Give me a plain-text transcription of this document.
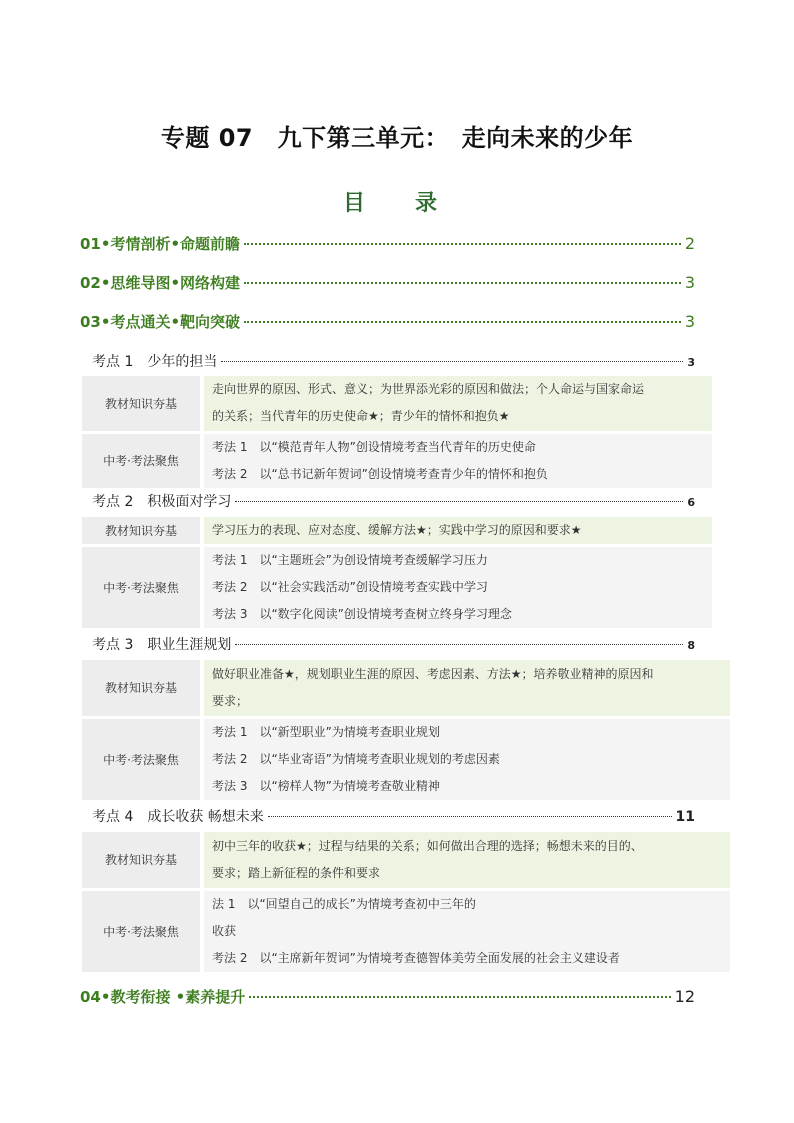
专题 07　九下第三单元：　走向未来的少年
目　录
01•考情剖析•命题前瞻	2
02•思维导图•网络构建	3
03•考点通关•靶向突破	3
考点 1　少年的担当	3
教材知识夯基	走向世界的原因、形式、意义；为世界添光彩的原因和做法；个人命运与国家命运
的关系；当代青年的历史使命★；青少年的情怀和抱负★

中考·考法聚焦	考法 1　以“模范青年人物”创设情境考查当代青年的历史使命
考法 2　以“总书记新年贺词”创设情境考查青少年的情怀和抱负
考点 2　积极面对学习	6
教材知识夯基	学习压力的表现、应对态度、缓解方法★；实践中学习的原因和要求★

中考·考法聚焦	考法 1　以“主题班会”为创设情境考查缓解学习压力
考法 2　以“社会实践活动”创设情境考查实践中学习
考法 3　以“数字化阅读”创设情境考查树立终身学习理念
考点 3　职业生涯规划	8
教材知识夯基	做好职业准备★，规划职业生涯的原因、考虑因素、方法★；培养敬业精神的原因和
要求；

中考·考法聚焦	考法 1　以“新型职业”为情境考查职业规划
考法 2　以“毕业寄语”为情境考查职业规划的考虑因素
考法 3　以“榜样人物”为情境考查敬业精神
考点 4　成长收获 畅想未来	11
教材知识夯基	初中三年的收获★；过程与结果的关系；如何做出合理的选择；畅想未来的目的、
要求；踏上新征程的条件和要求

中考·考法聚焦	法 1　以“回望自己的成长”为情境考查初中三年的
收获
考法 2　以“主席新年贺词”为情境考查德智体美劳全面发展的社会主义建设者
04•教考衔接 •素养提升	12
